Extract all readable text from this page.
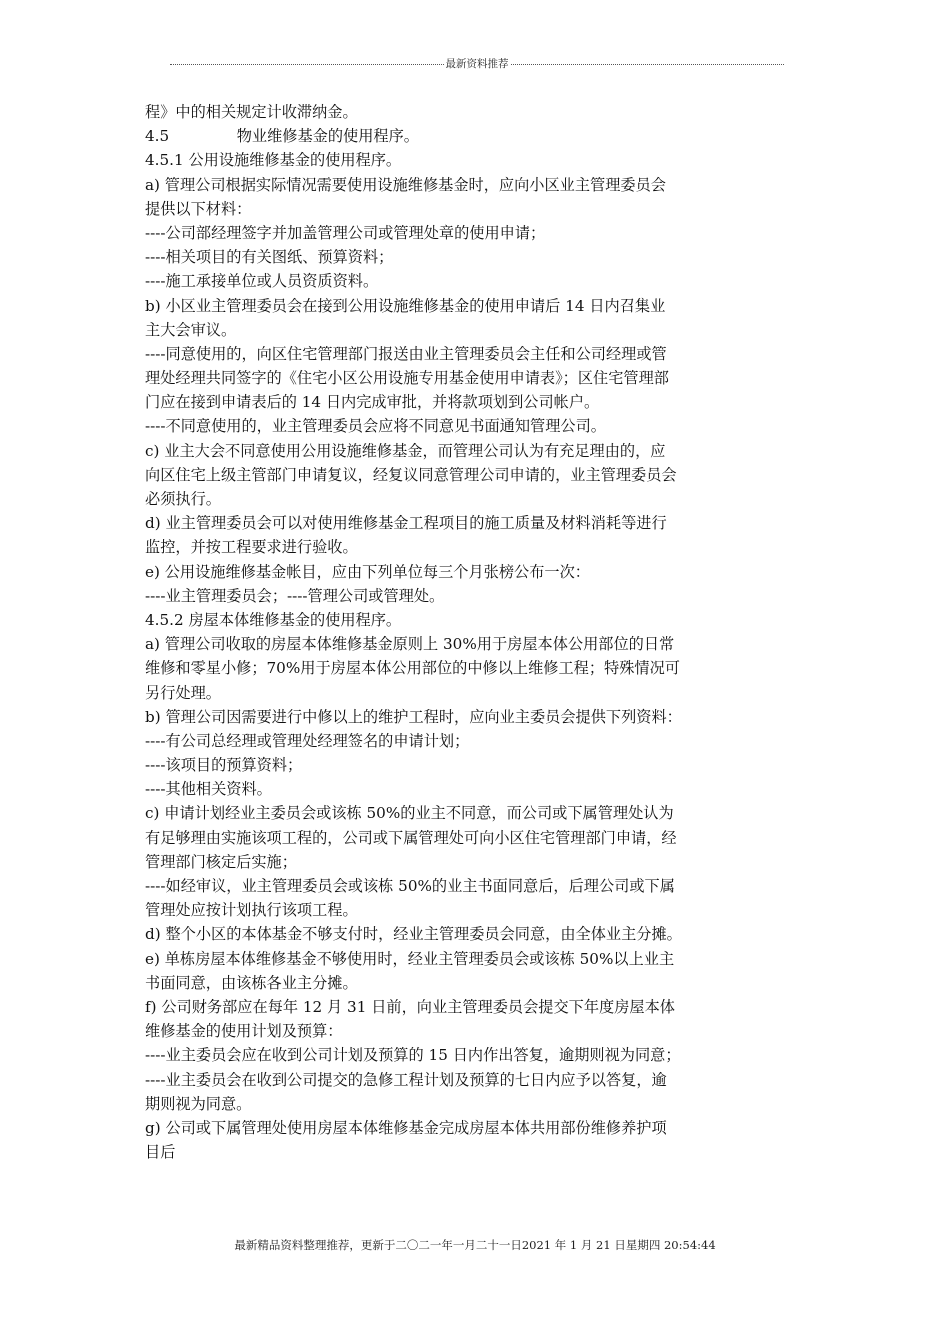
最新资料推荐
程》中的相关规定计收滞纳金。
4.5              物业维修基金的使用程序。
4.5.1 公用设施维修基金的使用程序。
a) 管理公司根据实际情况需要使用设施维修基金时，应向小区业主管理委员会
提供以下材料：
----公司部经理签字并加盖管理公司或管理处章的使用申请；
----相关项目的有关图纸、预算资料；
----施工承接单位或人员资质资料。
b) 小区业主管理委员会在接到公用设施维修基金的使用申请后 14 日内召集业
主大会审议。
----同意使用的，向区住宅管理部门报送由业主管理委员会主任和公司经理或管
理处经理共同签字的《住宅小区公用设施专用基金使用申请表》；区住宅管理部
门应在接到申请表后的 14 日内完成审批，并将款项划到公司帐户。
----不同意使用的，业主管理委员会应将不同意见书面通知管理公司。
c) 业主大会不同意使用公用设施维修基金，而管理公司认为有充足理由的，应
向区住宅上级主管部门申请复议，经复议同意管理公司申请的，业主管理委员会
必须执行。
d) 业主管理委员会可以对使用维修基金工程项目的施工质量及材料消耗等进行
监控，并按工程要求进行验收。
e) 公用设施维修基金帐目，应由下列单位每三个月张榜公布一次：
----业主管理委员会；----管理公司或管理处。
4.5.2 房屋本体维修基金的使用程序。
a) 管理公司收取的房屋本体维修基金原则上 30%用于房屋本体公用部位的日常
维修和零星小修；70%用于房屋本体公用部位的中修以上维修工程；特殊情况可
另行处理。
b) 管理公司因需要进行中修以上的维护工程时，应向业主委员会提供下列资料：
----有公司总经理或管理处经理签名的申请计划；
----该项目的预算资料；
----其他相关资料。
c) 申请计划经业主委员会或该栋 50%的业主不同意，而公司或下属管理处认为
有足够理由实施该项工程的，公司或下属管理处可向小区住宅管理部门申请，经
管理部门核定后实施；
----如经审议，业主管理委员会或该栋 50%的业主书面同意后，后理公司或下属
管理处应按计划执行该项工程。
d) 整个小区的本体基金不够支付时，经业主管理委员会同意，由全体业主分摊。
e) 单栋房屋本体维修基金不够使用时，经业主管理委员会或该栋 50%以上业主
书面同意，由该栋各业主分摊。
f) 公司财务部应在每年 12 月 31 日前，向业主管理委员会提交下年度房屋本体
维修基金的使用计划及预算：
----业主委员会应在收到公司计划及预算的 15 日内作出答复，逾期则视为同意；
----业主委员会在收到公司提交的急修工程计划及预算的七日内应予以答复，逾
期则视为同意。
g) 公司或下属管理处使用房屋本体维修基金完成房屋本体共用部份维修养护项
目后
最新精品资料整理推荐，更新于二〇二一年一月二十一日2021 年 1 月 21 日星期四 20:54:44
